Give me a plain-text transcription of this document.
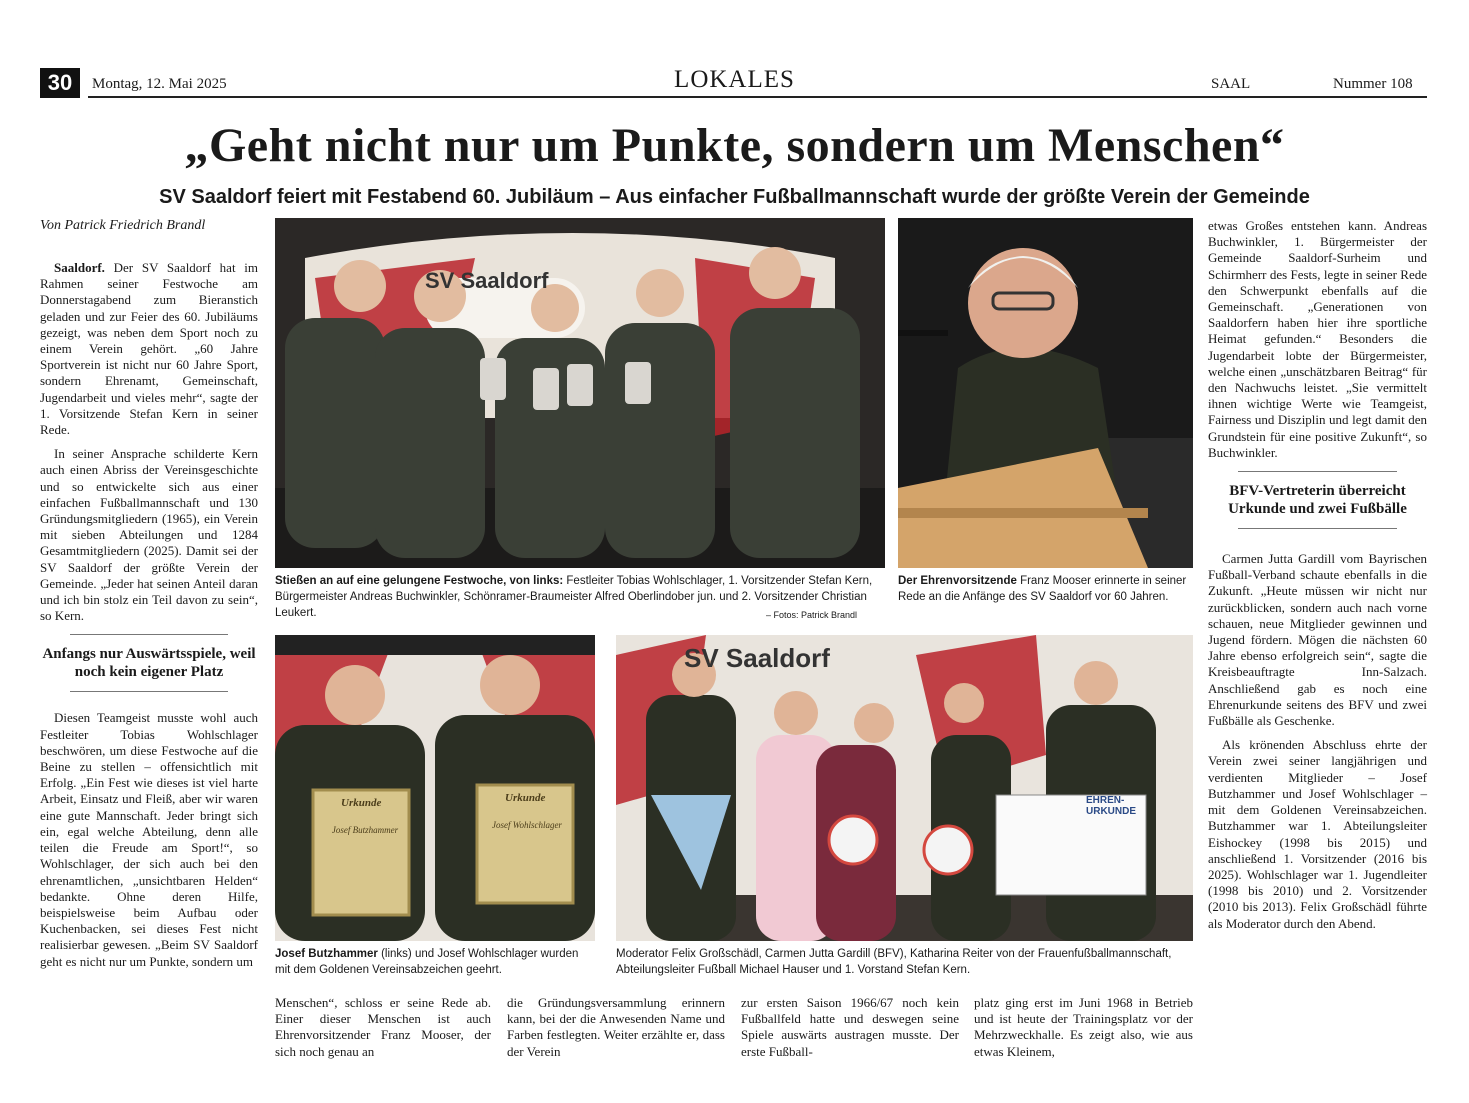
30	Montag, 12. Mai 2025	LOKALES	SAAL	Nummer 108
„Geht nicht nur um Punkte, sondern um Menschen“
SV Saaldorf feiert mit Festabend 60. Jubiläum – Aus einfacher Fußballmannschaft wurde der größte Verein der Gemeinde
Von Patrick Friedrich Brandl

Saaldorf. Der SV Saaldorf hat im Rahmen seiner Festwoche am Donnerstagabend zum Bieranstich geladen und zur Feier des 60. Jubiläums gezeigt, was neben dem Sport noch zu einem Verein gehört. „60 Jahre Sportverein ist nicht nur 60 Jahre Sport, sondern Ehrenamt, Gemeinschaft, Jugendarbeit und vieles mehr“, sagte der 1. Vorsitzende Stefan Kern in seiner Rede.

In seiner Ansprache schilderte Kern auch einen Abriss der Vereinsgeschichte und so entwickelte sich aus einer einfachen Fußballmannschaft und 130 Gründungsmitgliedern (1965), ein Verein mit sieben Abteilungen und 1284 Gesamtmitgliedern (2025). Damit sei der SV Saaldorf der größte Verein der Gemeinde. „Jeder hat seinen Anteil daran und ich bin stolz ein Teil davon zu sein“, so Kern.

Anfangs nur Auswärtsspiele, weil noch kein eigener Platz

Diesen Teamgeist musste wohl auch Festleiter Tobias Wohlschlager beschwören, um diese Festwoche auf die Beine zu stellen – offensichtlich mit Erfolg. „Ein Fest wie dieses ist viel harte Arbeit, Einsatz und Fleiß, aber wir waren eine gute Mannschaft. Jeder bringt sich ein, egal welche Abteilung, denn alle teilen die Freude am Sport!“, so Wohlschlager, der sich auch bei den ehrenamtlichen, „unsichtbaren Helden“ bedankte. Ohne deren Hilfe, beispielsweise beim Aufbau oder Kuchenbacken, sei dieses Fest nicht realisierbar gewesen. „Beim SV Saaldorf geht es nicht nur um Punkte, sondern um

etwas Großes entstehen kann. Andreas Buchwinkler, 1. Bürgermeister der Gemeinde Saaldorf-Surheim und Schirmherr des Fests, legte in seiner Rede den Schwerpunkt ebenfalls auf die Gemeinschaft. „Generationen von Saaldorfern haben hier ihre sportliche Heimat gefunden.“ Besonders die Jugendarbeit lobte der Bürgermeister, welche einen „unschätzbaren Beitrag“ für den Nachwuchs leistet. „Sie vermittelt ihnen wichtige Werte wie Teamgeist, Fairness und Disziplin und legt damit den Grundstein für eine positive Zukunft“, so Buchwinkler.

BFV-Vertreterin überreicht Urkunde und zwei Fußbälle

Carmen Jutta Gardill vom Bayrischen Fußball-Verband schaute ebenfalls in die Zukunft. „Heute müssen wir nicht nur zurückblicken, sondern auch nach vorne schauen, neue Mitglieder gewinnen und Jugend fördern. Mögen die nächsten 60 Jahre ebenso erfolgreich sein“, sagte die Kreisbeauftragte Inn-Salzach. Anschließend gab es noch eine Ehrenurkunde seitens des BFV und zwei Fußbälle als Geschenke.

Als krönenden Abschluss ehrte der Verein zwei seiner langjährigen und verdienten Mitglieder – Josef Butzhammer und Josef Wohlschlager – mit dem Goldenen Vereinsabzeichen. Butzhammer war 1. Abteilungsleiter Eishockey (1998 bis 2015) und anschließend 1. Vorsitzender (2016 bis 2025). Wohlschlager war 1. Jugendleiter (1998 bis 2010) und 2. Vorsitzender (2010 bis 2013). Felix Großschädl führte als Moderator durch den Abend.

Menschen“, schloss er seine Rede ab. Einer dieser Menschen ist auch Ehrenvorsitzender Franz Mooser, der sich noch genau an

die Gründungsversammlung erinnern kann, bei der die Anwesenden Name und Farben festlegten. Weiter erzählte er, dass der Verein

zur ersten Saison 1966/67 noch kein Fußballfeld hatte und deswegen seine Spiele auswärts austragen musste. Der erste Fußball-

platz ging erst im Juni 1968 in Betrieb und ist heute der Trainingsplatz vor der Mehrzweckhalle. Es zeigt also, wie aus etwas Kleinem,

SV Saaldorf
Stießen an auf eine gelungene Festwoche, von links: Festleiter Tobias Wohlschlager, 1. Vorsitzender Stefan Kern, Bürgermeister Andreas Buchwinkler, Schönramer-Braumeister Alfred Oberlindober jun. und 2. Vorsitzender Christian Leukert.	– Fotos: Patrick Brandl
Der Ehrenvorsitzende Franz Mooser erinnerte in seiner Rede an die Anfänge des SV Saaldorf vor 60 Jahren.
Urkunde
Josef Butzhammer
Urkunde
Josef Wohlschlager
SV Saaldorf
EHREN-URKUNDE
Josef Butzhammer (links) und Josef Wohlschlager wurden mit dem Goldenen Vereinsabzeichen geehrt.
Moderator Felix Großschädl, Carmen Jutta Gardill (BFV), Katharina Reiter von der Frauenfußballmannschaft, Abteilungsleiter Fußball Michael Hauser und 1. Vorstand Stefan Kern.
